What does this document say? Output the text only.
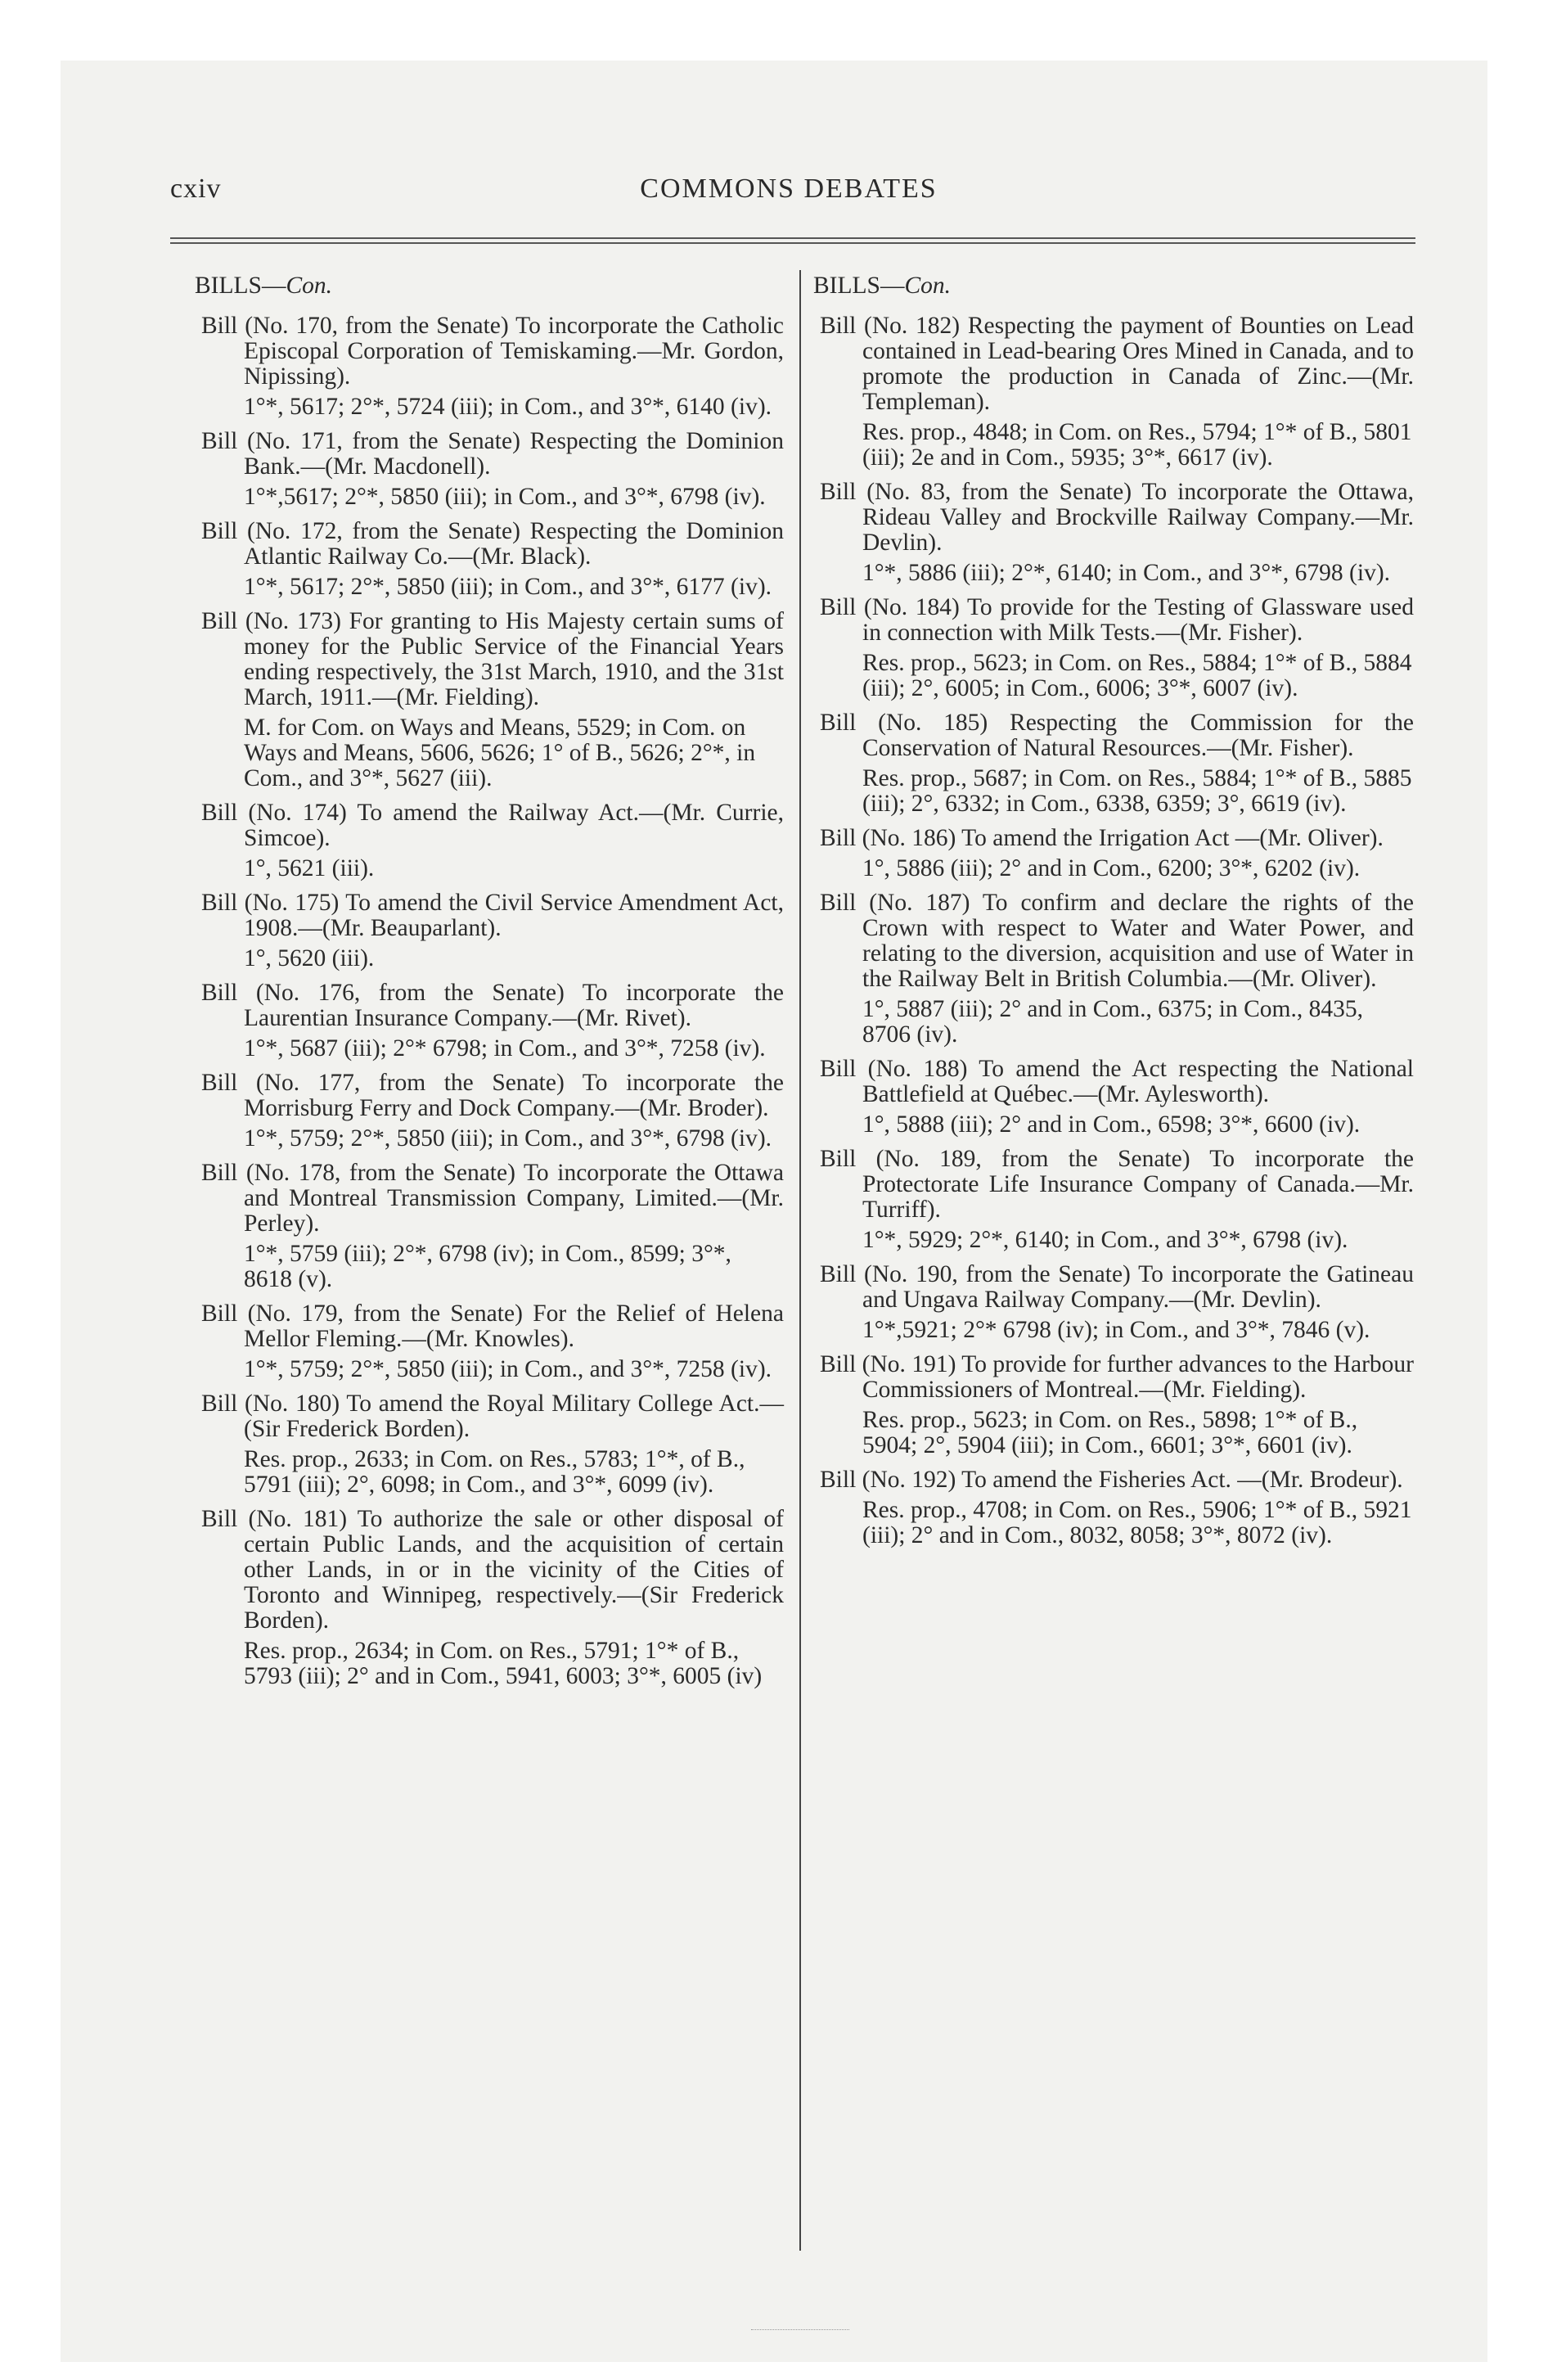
cxiv	COMMONS DEBATES

BILLS—Con.

Bill (No. 170, from the Senate) To incorporate the Catholic Episcopal Corporation of Temiskaming.—Mr. Gordon, Nipissing).

1°*, 5617; 2°*, 5724 (iii); in Com., and 3°*, 6140 (iv).

Bill (No. 171, from the Senate) Respecting the Dominion Bank.—(Mr. Macdonell).

1°*,5617; 2°*, 5850 (iii); in Com., and 3°*, 6798 (iv).

Bill (No. 172, from the Senate) Respecting the Dominion Atlantic Railway Co.—(Mr. Black).

1°*, 5617; 2°*, 5850 (iii); in Com., and 3°*, 6177 (iv).

Bill (No. 173) For granting to His Majesty certain sums of money for the Public Service of the Financial Years ending respectively, the 31st March, 1910, and the 31st March, 1911.—(Mr. Fielding).

M. for Com. on Ways and Means, 5529; in Com. on Ways and Means, 5606, 5626; 1° of B., 5626; 2°*, in Com., and 3°*, 5627 (iii).

Bill (No. 174) To amend the Railway Act.—(Mr. Currie, Simcoe).

1°, 5621 (iii).

Bill (No. 175) To amend the Civil Service Amendment Act, 1908.—(Mr. Beauparlant).

1°, 5620 (iii).

Bill (No. 176, from the Senate) To incorporate the Laurentian Insurance Company.—(Mr. Rivet).

1°*, 5687 (iii); 2°* 6798; in Com., and 3°*, 7258 (iv).

Bill (No. 177, from the Senate) To incorporate the Morrisburg Ferry and Dock Company.—(Mr. Broder).

1°*, 5759; 2°*, 5850 (iii); in Com., and 3°*, 6798 (iv).

Bill (No. 178, from the Senate) To incorporate the Ottawa and Montreal Transmission Company, Limited.—(Mr. Perley).

1°*, 5759 (iii); 2°*, 6798 (iv); in Com., 8599; 3°*, 8618 (v).

Bill (No. 179, from the Senate) For the Relief of Helena Mellor Fleming.—(Mr. Knowles).

1°*, 5759; 2°*, 5850 (iii); in Com., and 3°*, 7258 (iv).

Bill (No. 180) To amend the Royal Military College Act.—(Sir Frederick Borden).

Res. prop., 2633; in Com. on Res., 5783; 1°*, of B., 5791 (iii); 2°, 6098; in Com., and 3°*, 6099 (iv).

Bill (No. 181) To authorize the sale or other disposal of certain Public Lands, and the acquisition of certain other Lands, in or in the vicinity of the Cities of Toronto and Winnipeg, respectively.—(Sir Frederick Borden).

Res. prop., 2634; in Com. on Res., 5791; 1°* of B., 5793 (iii); 2° and in Com., 5941, 6003; 3°*, 6005 (iv)

BILLS—Con.

Bill (No. 182) Respecting the payment of Bounties on Lead contained in Lead-bearing Ores Mined in Canada, and to promote the production in Canada of Zinc.—(Mr. Templeman).

Res. prop., 4848; in Com. on Res., 5794; 1°* of B., 5801 (iii); 2e and in Com., 5935; 3°*, 6617 (iv).

Bill (No. 83, from the Senate) To incorporate the Ottawa, Rideau Valley and Brockville Railway Company.—Mr. Devlin).

1°*, 5886 (iii); 2°*, 6140; in Com., and 3°*, 6798 (iv).

Bill (No. 184) To provide for the Testing of Glassware used in connection with Milk Tests.—(Mr. Fisher).

Res. prop., 5623; in Com. on Res., 5884; 1°* of B., 5884 (iii); 2°, 6005; in Com., 6006; 3°*, 6007 (iv).

Bill (No. 185) Respecting the Commission for the Conservation of Natural Resources.—(Mr. Fisher).

Res. prop., 5687; in Com. on Res., 5884; 1°* of B., 5885 (iii); 2°, 6332; in Com., 6338, 6359; 3°, 6619 (iv).

Bill (No. 186) To amend the Irrigation Act —(Mr. Oliver).

1°, 5886 (iii); 2° and in Com., 6200; 3°*, 6202 (iv).

Bill (No. 187) To confirm and declare the rights of the Crown with respect to Water and Water Power, and relating to the diversion, acquisition and use of Water in the Railway Belt in British Columbia.—(Mr. Oliver).

1°, 5887 (iii); 2° and in Com., 6375; in Com., 8435, 8706 (iv).

Bill (No. 188) To amend the Act respecting the National Battlefield at Québec.—(Mr. Aylesworth).

1°, 5888 (iii); 2° and in Com., 6598; 3°*, 6600 (iv).

Bill (No. 189, from the Senate) To incorporate the Protectorate Life Insurance Company of Canada.—Mr. Turriff).

1°*, 5929; 2°*, 6140; in Com., and 3°*, 6798 (iv).

Bill (No. 190, from the Senate) To incorporate the Gatineau and Ungava Railway Company.—(Mr. Devlin).

1°*,5921; 2°* 6798 (iv); in Com., and 3°*, 7846 (v).

Bill (No. 191) To provide for further advances to the Harbour Commissioners of Montreal.—(Mr. Fielding).

Res. prop., 5623; in Com. on Res., 5898; 1°* of B., 5904; 2°, 5904 (iii); in Com., 6601; 3°*, 6601 (iv).

Bill (No. 192) To amend the Fisheries Act. —(Mr. Brodeur).

Res. prop., 4708; in Com. on Res., 5906; 1°* of B., 5921 (iii); 2° and in Com., 8032, 8058; 3°*, 8072 (iv).
